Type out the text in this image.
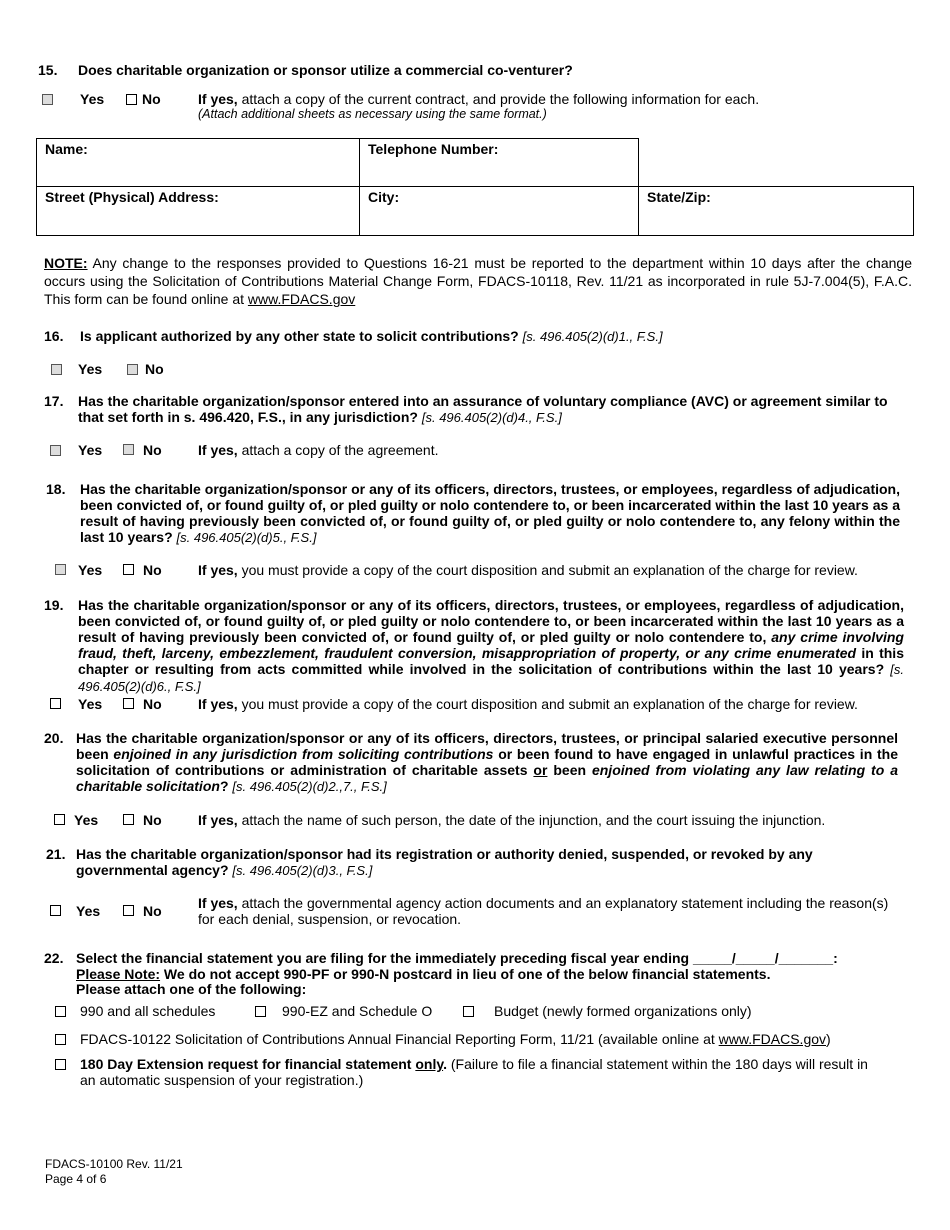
15. Does charitable organization or sponsor utilize a commercial co-venturer?
Yes	No	If yes, attach a copy of the current contract, and provide the following information for each.
(Attach additional sheets as necessary using the same format.)
Name:	Telephone Number:
Street (Physical) Address:	City:	State/Zip:
NOTE: Any change to the responses provided to Questions 16-21 must be reported to the department within 10 days after the change occurs using the Solicitation of Contributions Material Change Form, FDACS-10118, Rev. 11/21 as incorporated in rule 5J-7.004(5), F.A.C. This form can be found online at www.FDACS.gov
16. Is applicant authorized by any other state to solicit contributions? [s. 496.405(2)(d)1., F.S.]
Yes	No
17. Has the charitable organization/sponsor entered into an assurance of voluntary compliance (AVC) or agreement similar to that set forth in s. 496.420, F.S., in any jurisdiction? [s. 496.405(2)(d)4., F.S.]
Yes	No	If yes, attach a copy of the agreement.
18. Has the charitable organization/sponsor or any of its officers, directors, trustees, or employees, regardless of adjudication, been convicted of, or found guilty of, or pled guilty or nolo contendere to, or been incarcerated within the last 10 years as a result of having previously been convicted of, or found guilty of, or pled guilty or nolo contendere to, any felony within the last 10 years? [s. 496.405(2)(d)5., F.S.]
Yes	No	If yes, you must provide a copy of the court disposition and submit an explanation of the charge for review.
19. Has the charitable organization/sponsor or any of its officers, directors, trustees, or employees, regardless of adjudication, been convicted of, or found guilty of, or pled guilty or nolo contendere to, or been incarcerated within the last 10 years as a result of having previously been convicted of, or found guilty of, or pled guilty or nolo contendere to, any crime involving fraud, theft, larceny, embezzlement, fraudulent conversion, misappropriation of property, or any crime enumerated in this chapter or resulting from acts committed while involved in the solicitation of contributions within the last 10 years? [s. 496.405(2)(d)6., F.S.]
Yes	No	If yes, you must provide a copy of the court disposition and submit an explanation of the charge for review.
20. Has the charitable organization/sponsor or any of its officers, directors, trustees, or principal salaried executive personnel been enjoined in any jurisdiction from soliciting contributions or been found to have engaged in unlawful practices in the solicitation of contributions or administration of charitable assets or been enjoined from violating any law relating to a charitable solicitation? [s. 496.405(2)(d)2.,7., F.S.]
Yes	No	If yes, attach the name of such person, the date of the injunction, and the court issuing the injunction.
21. Has the charitable organization/sponsor had its registration or authority denied, suspended, or revoked by any governmental agency? [s. 496.405(2)(d)3., F.S.]
Yes	No	If yes, attach the governmental agency action documents and an explanatory statement including the reason(s) for each denial, suspension, or revocation.
22. Select the financial statement you are filing for the immediately preceding fiscal year ending _____/_____/_______:
Please Note: We do not accept 990-PF or 990-N postcard in lieu of one of the below financial statements.
Please attach one of the following:
990 and all schedules	990-EZ and Schedule O	Budget (newly formed organizations only)
FDACS-10122 Solicitation of Contributions Annual Financial Reporting Form, 11/21 (available online at www.FDACS.gov)
180 Day Extension request for financial statement only. (Failure to file a financial statement within the 180 days will result in an automatic suspension of your registration.)
FDACS-10100 Rev. 11/21
Page 4 of 6
